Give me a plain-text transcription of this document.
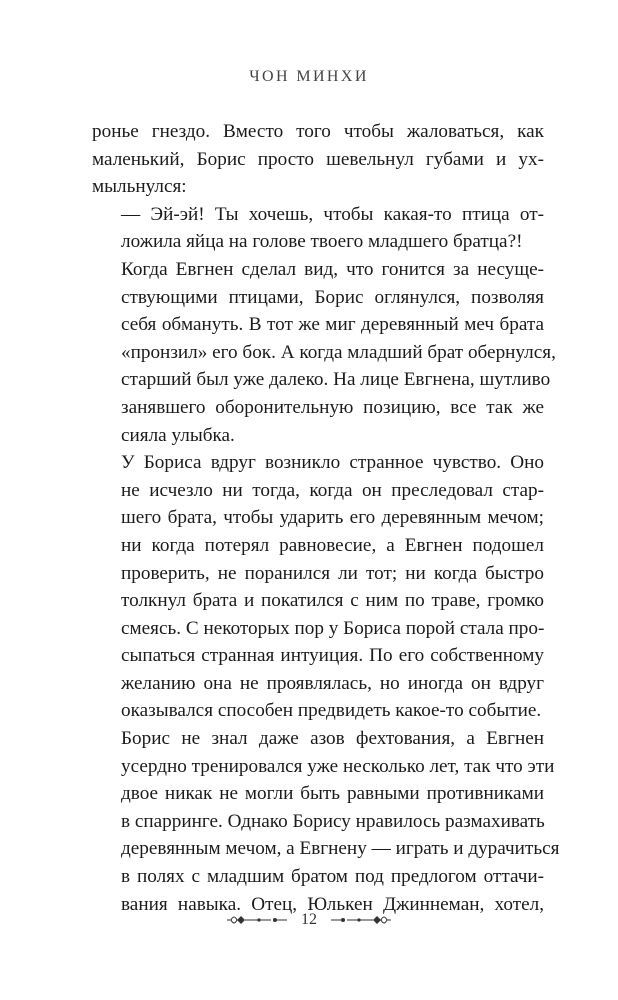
ЧОН МИНХИ

ронье гнездо. Вместо того чтобы жаловаться, как
маленький, Борис просто шевельнул губами и ух-
мыльнулся:

— Эй-эй! Ты хочешь, чтобы какая-то птица от-
ложила яйца на голове твоего младшего братца?!

Когда Евгнен сделал вид, что гонится за несуще-
ствующими птицами, Борис оглянулся, позволяя
себя обмануть. В тот же миг деревянный меч брата
«пронзил» его бок. А когда младший брат обернулся,
старший был уже далеко. На лице Евгнена, шутливо
занявшего оборонительную позицию, все так же
сияла улыбка.

У Бориса вдруг возникло странное чувство. Оно
не исчезло ни тогда, когда он преследовал стар-
шего брата, чтобы ударить его деревянным мечом;
ни когда потерял равновесие, а Евгнен подошел
проверить, не поранился ли тот; ни когда быстро
толкнул брата и покатился с ним по траве, громко
смеясь. С некоторых пор у Бориса порой стала про-
сыпаться странная интуиция. По его собственному
желанию она не проявлялась, но иногда он вдруг
оказывался способен предвидеть какое-то событие.

Борис не знал даже азов фехтования, а Евгнен
усердно тренировался уже несколько лет, так что эти
двое никак не могли быть равными противниками
в спарринге. Однако Борису нравилось размахивать
деревянным мечом, а Евгнену — играть и дурачиться
в полях с младшим братом под предлогом оттачи-
вания навыка. Отец, Юлькен Джиннеман, хотел,

12
